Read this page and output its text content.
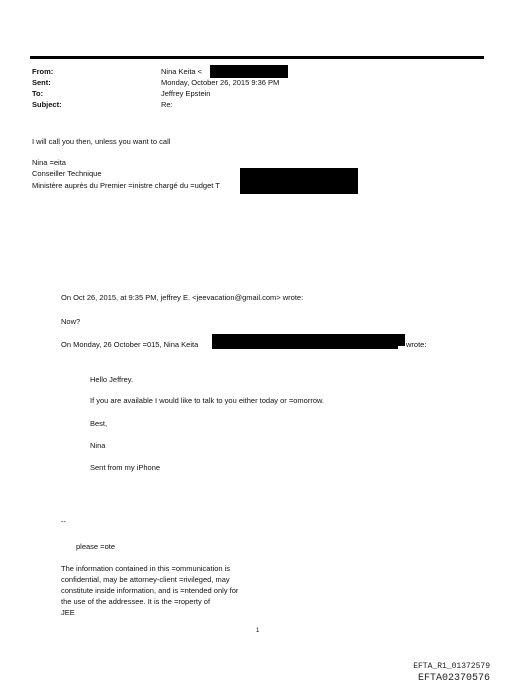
From:	Nina Keita <
Sent:	Monday, October 26, 2015 9:36 PM
To:	Jeffrey Epstein
Subject:	Re:
I will call you then, unless you want to call
Nina =eita
Conseiller Technique
Ministère auprès du Premier =inistre chargé du =udget T
On Oct 26, 2015, at 9:35 PM, jeffrey E. <jeevacation@gmail.com> wrote:
Now?
On Monday, 26 October =015, Nina Keita	wrote:
Hello Jeffrey.
If you are available I would like to talk to you either today or =omorrow.
Best,
Nina
Sent from my iPhone
--
please =ote
The information contained in this =ommunication is
confidential, may be attorney-client =rivileged, may
constitute inside information, and is =ntended only for
the use of the addressee. It is the =roperty of
JEE
1
EFTA_R1_01372579
EFTA02370576
